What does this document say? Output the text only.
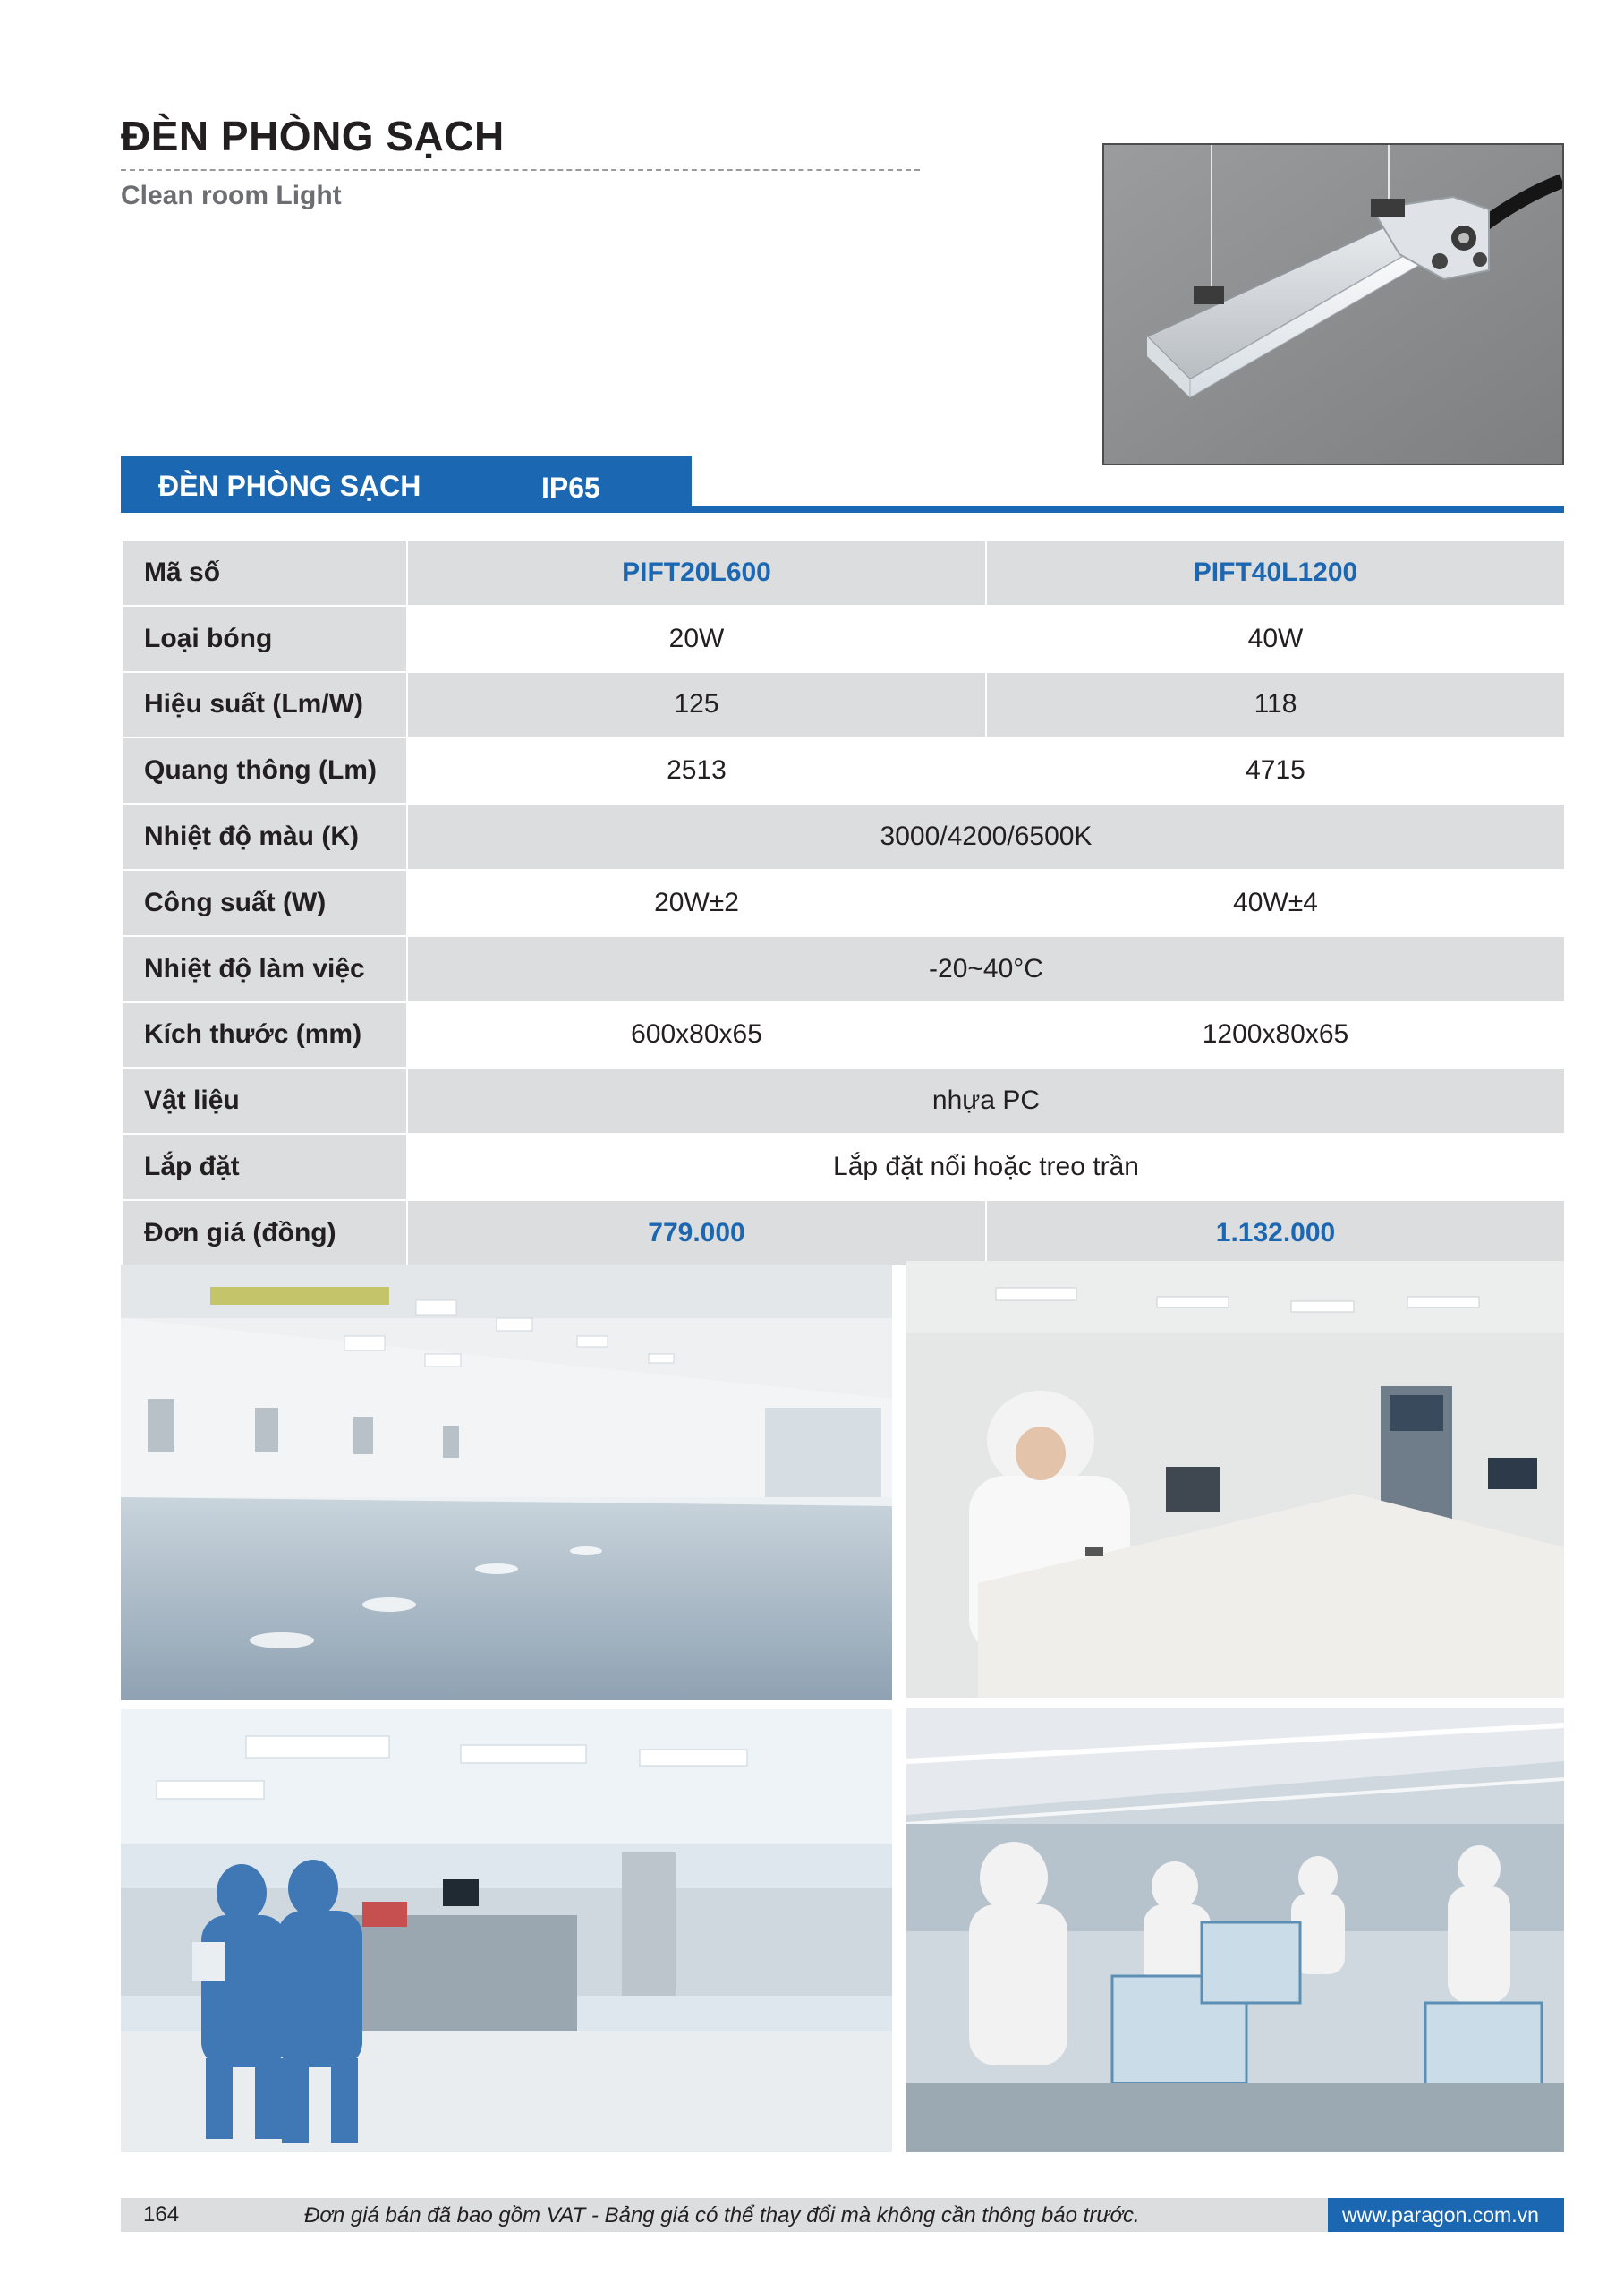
ĐÈN PHÒNG SẠCH
Clean room Light
ĐÈN PHÒNG SẠCH	IP65
Mã số	PIFT20L600	PIFT40L1200
Loại bóng	20W	40W
Hiệu suất (Lm/W)	125	118
Quang thông (Lm)	2513	4715
Nhiệt độ màu (K)	3000/4200/6500K	
Công suất (W)	20W±2	40W±4
Nhiệt độ làm việc	-20~40°C	
Kích thước (mm)	600x80x65	1200x80x65
Vật liệu	nhựa PC	
Lắp đặt	Lắp đặt nổi hoặc treo trần	
Đơn giá (đồng)	779.000	1.132.000
164	Đơn giá bán đã bao gồm VAT - Bảng giá có thể thay đổi mà không cần thông báo trước.	www.paragon.com.vn
